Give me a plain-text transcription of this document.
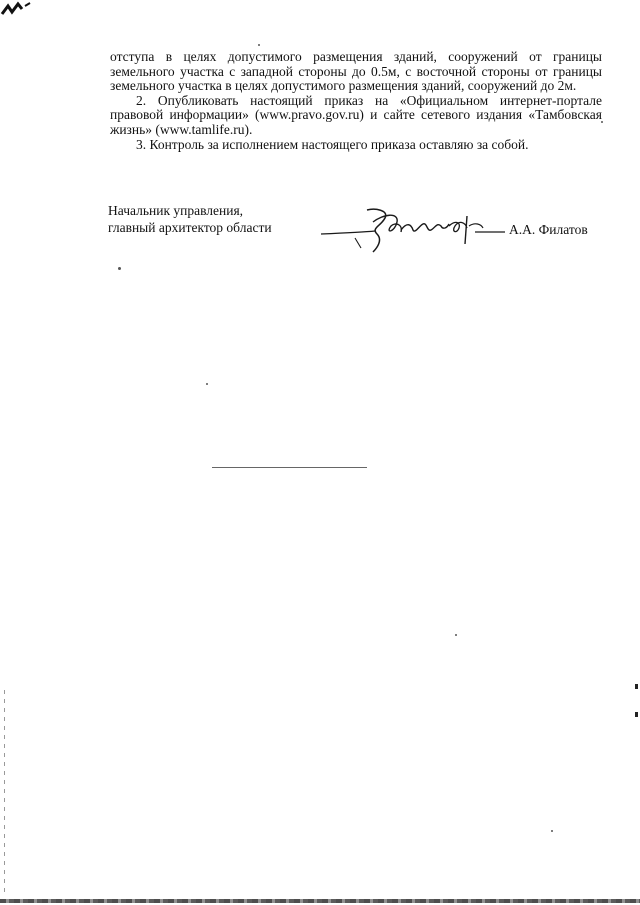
отступа в целях допустимого размещения зданий, сооружений от границы земельного участка с западной стороны до 0.5м, с восточной стороны от границы земельного участка в целях допустимого размещения зданий, сооружений до 2м.

2. Опубликовать настоящий приказ на «Официальном интернет-портале правовой информации» (www.pravo.gov.ru) и сайте сетевого издания «Тамбовская жизнь» (www.tamlife.ru).

3. Контроль за исполнением настоящего приказа оставляю за собой.

Начальник управления,
главный архитектор области	А.А. Филатов
